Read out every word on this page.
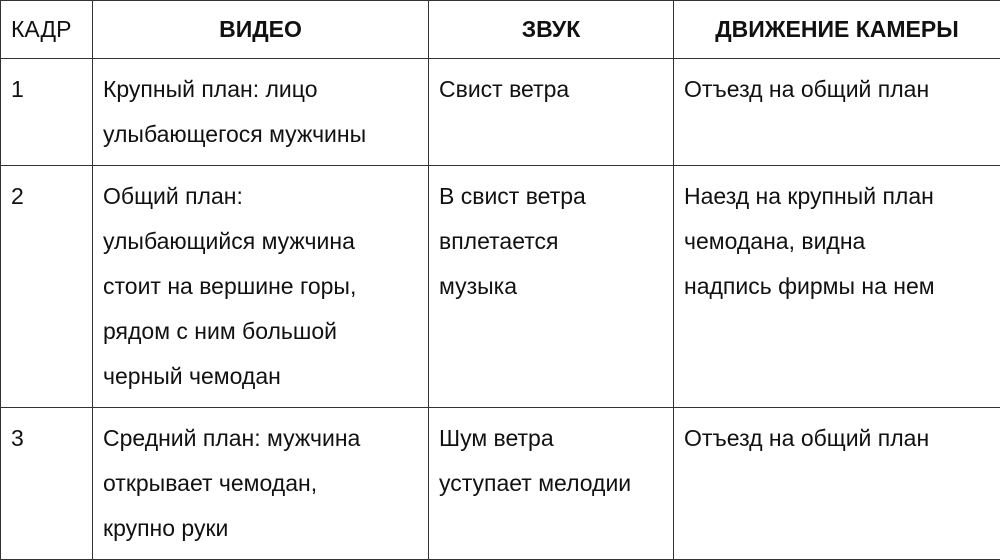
КАДР	ВИДЕО	ЗВУК	ДВИЖЕНИЕ КАМЕРЫ
1	Крупный план: лицо
улыбающегося мужчины	Свист ветра	Отъезд на общий план

2	Общий план:
улыбающийся мужчина
стоит на вершине горы,
рядом с ним большой
черный чемодан	В свист ветра
вплетается
музыка	Наезд на крупный план
чемодана, видна
надпись фирмы на нем

3	Средний план: мужчина
открывает чемодан,
крупно руки	Шум ветра
уступает мелодии	Отъезд на общий план
